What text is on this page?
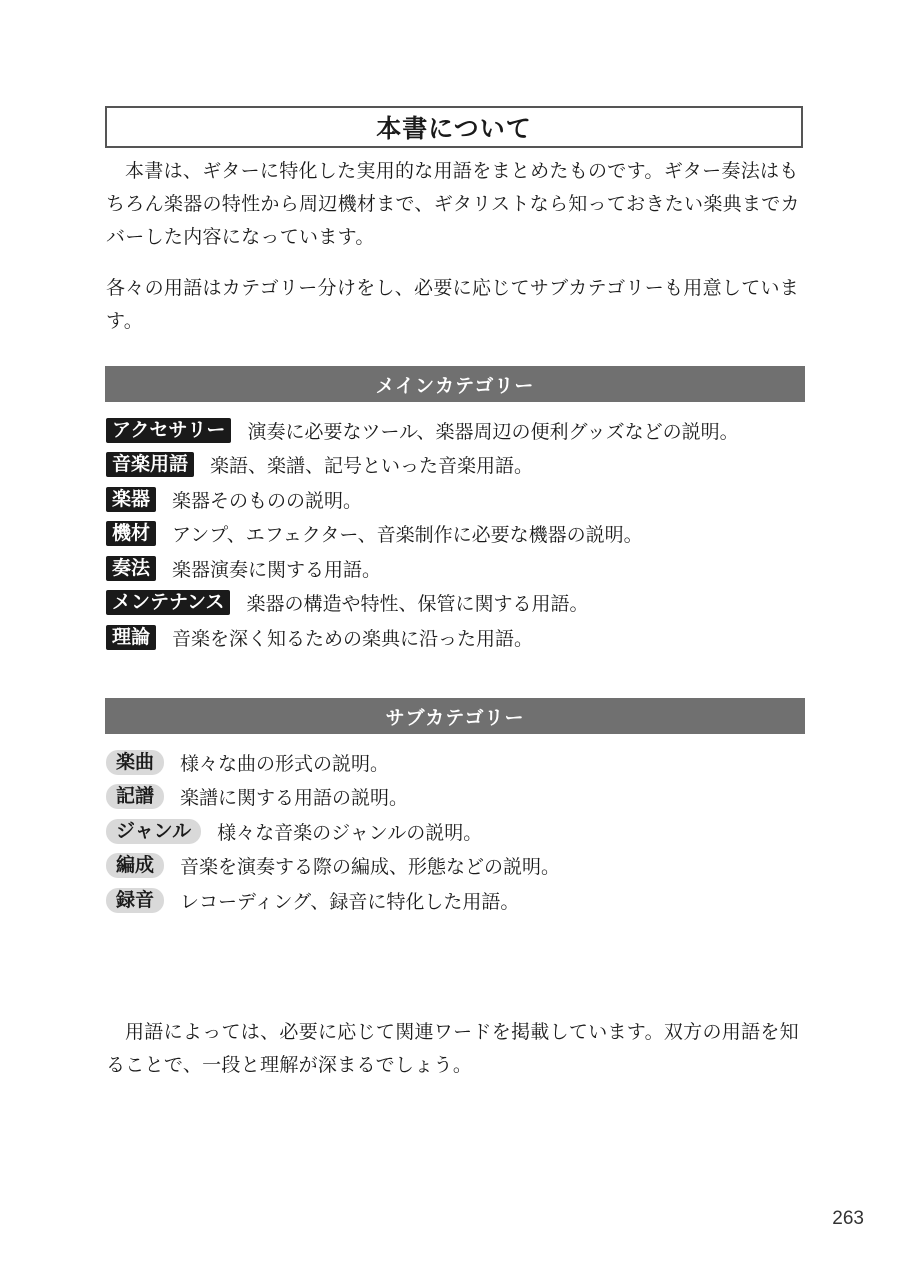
本書について

本書は、ギターに特化した実用的な用語をまとめたものです。ギター奏法はもちろん楽器の特性から周辺機材まで、ギタリストなら知っておきたい楽典までカバーした内容になっています。

各々の用語はカテゴリー分けをし、必要に応じてサブカテゴリーも用意しています。

メインカテゴリー
アクセサリー	演奏に必要なツール、楽器周辺の便利グッズなどの説明。
音楽用語	楽語、楽譜、記号といった音楽用語。
楽器	楽器そのものの説明。
機材	アンプ、エフェクター、音楽制作に必要な機器の説明。
奏法	楽器演奏に関する用語。
メンテナンス	楽器の構造や特性、保管に関する用語。
理論	音楽を深く知るための楽典に沿った用語。
サブカテゴリー
楽曲	様々な曲の形式の説明。
記譜	楽譜に関する用語の説明。
ジャンル	様々な音楽のジャンルの説明。
編成	音楽を演奏する際の編成、形態などの説明。
録音	レコーディング、録音に特化した用語。

用語によっては、必要に応じて関連ワードを掲載しています。双方の用語を知ることで、一段と理解が深まるでしょう。

263
